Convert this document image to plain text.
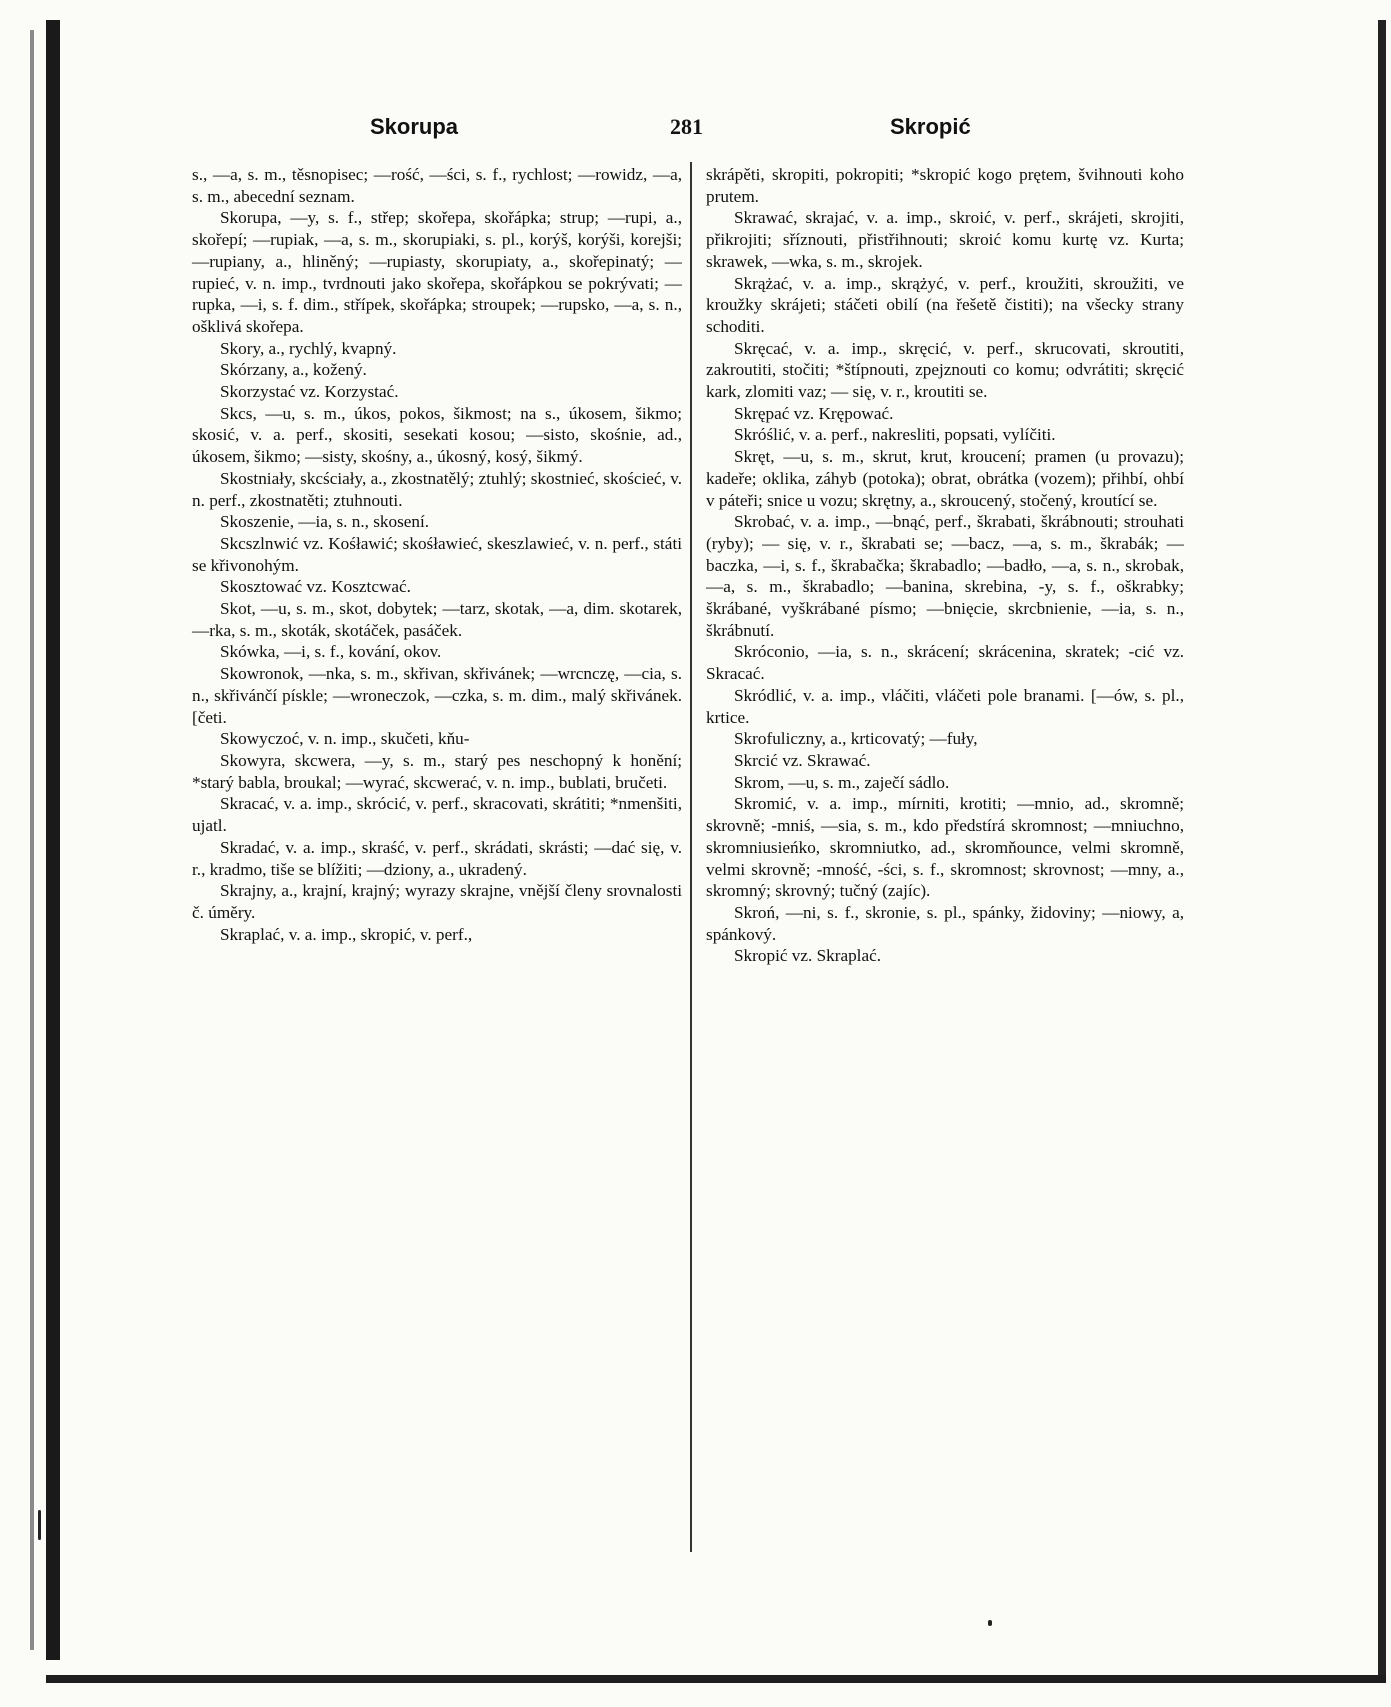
Skorupa	281	Skropić

s., —a, s. m., těsnopisec; —rość, —ści, s. f., rychlost; —rowidz, —a, s. m., abecední seznam.

Skorupa, —y, s. f., střep; skořepa, skořápka; strup; —rupi, a., skořepí; —rupiak, —a, s. m., skorupiaki, s. pl., korýš, korýši, korejši; —rupiany, a., hliněný; —rupiasty, skorupiaty, a., skořepinatý; —rupieć, v. n. imp., tvrdnouti jako skořepa, skořápkou se pokrývati; —rupka, —i, s. f. dim., střípek, skořápka; stroupek; —rupsko, —a, s. n., ošklivá skořepa.

Skory, a., rychlý, kvapný.

Skórzany, a., kožený.

Skorzystać vz. Korzystać.

Skcs, —u, s. m., úkos, pokos, šikmost; na s., úkosem, šikmo; skosić, v. a. perf., skositi, sesekati kosou; —sisto, skośnie, ad., úkosem, šikmo; —sisty, skośny, a., úkosný, kosý, šikmý.

Skostniały, skcściały, a., zkostnatělý; ztuhlý; skostnieć, skościeć, v. n. perf., zkostnatěti; ztuhnouti.

Skoszenie, —ia, s. n., skosení.

Skcszlnwić vz. Kośławić; skośławieć, skeszlawieć, v. n. perf., státi se křivonohým.

Skosztować vz. Kosztcwać.

Skot, —u, s. m., skot, dobytek; —tarz, skotak, —a, dim. skotarek, —rka, s. m., skoták, skotáček, pasáček.

Skówka, —i, s. f., kování, okov.

Skowronok, —nka, s. m., skřivan, skřivánek; —wrcnczę, —cia, s. n., skřivánčí pískle; —wroneczok, —czka, s. m. dim., malý skřivánek. [četi.

Skowyczoć, v. n. imp., skučeti, kňu-

Skowyra, skcwera, —y, s. m., starý pes neschopný k honění; *starý babla, broukal; —wyrać, skcwerać, v. n. imp., bublati, bručeti.

Skracać, v. a. imp., skrócić, v. perf., skracovati, skrátiti; *nmenšiti, ujatl.

Skradać, v. a. imp., skraść, v. perf., skrádati, skrásti; —dać się, v. r., kradmo, tiše se blížiti; —dziony, a., ukradený.

Skrajny, a., krajní, krajný; wyrazy skrajne, vnější členy srovnalosti č. úměry.

Skraplać, v. a. imp., skropić, v. perf.,

skrápěti, skropiti, pokropiti; *skropić kogo prętem, švihnouti koho prutem.

Skrawać, skrajać, v. a. imp., skroić, v. perf., skrájeti, skrojiti, přikrojiti; sříznouti, přistřihnouti; skroić komu kurtę vz. Kurta; skrawek, —wka, s. m., skrojek.

Skrążać, v. a. imp., skrążyć, v. perf., kroužiti, skroužiti, ve kroužky skrájeti; stáčeti obilí (na řešetě čistiti); na všecky strany schoditi.

Skręcać, v. a. imp., skręcić, v. perf., skrucovati, skroutiti, zakroutiti, stočiti; *štípnouti, zpejznouti co komu; odvrátiti; skręcić kark, zlomiti vaz; — się, v. r., kroutiti se.

Skrępać vz. Krępować.

Skróślić, v. a. perf., nakresliti, popsati, vylíčiti.

Skręt, —u, s. m., skrut, krut, kroucení; pramen (u provazu); kadeře; oklika, záhyb (potoka); obrat, obrátka (vozem); přihbí, ohbí v páteři; snice u vozu; skrętny, a., skroucený, stočený, kroutící se.

Skrobać, v. a. imp., —bnąć, perf., škrabati, škrábnouti; strouhati (ryby); — się, v. r., škrabati se; —bacz, —a, s. m., škrabák; —baczka, —i, s. f., škrabačka; škrabadlo; —badło, —a, s. n., skrobak, —a, s. m., škrabadlo; —banina, skrebina, -y, s. f., oškrabky; škrábané, vyškrábané písmo; —bnięcie, skrcbnienie, —ia, s. n., škrábnutí.

Skróconio, —ia, s. n., skrácení; skrácenina, skratek; -cić vz. Skracać.

Skródlić, v. a. imp., vláčiti, vláčeti pole branami. [—ów, s. pl., krtice.

Skrofuliczny, a., krticovatý; —fuły,

Skrcić vz. Skrawać.

Skrom, —u, s. m., zaječí sádlo.

Skromić, v. a. imp., mírniti, krotiti; —mnio, ad., skromně; skrovně; -mniś, —sia, s. m., kdo předstírá skromnost; —mniuchno, skromniusieńko, skromniutko, ad., skromňounce, velmi skromně, velmi skrovně; -mność, -ści, s. f., skromnost; skrovnost; —mny, a., skromný; skrovný; tučný (zajíc).

Skroń, —ni, s. f., skronie, s. pl., spánky, židoviny; —niowy, a, spánkový.

Skropić vz. Skraplać.
